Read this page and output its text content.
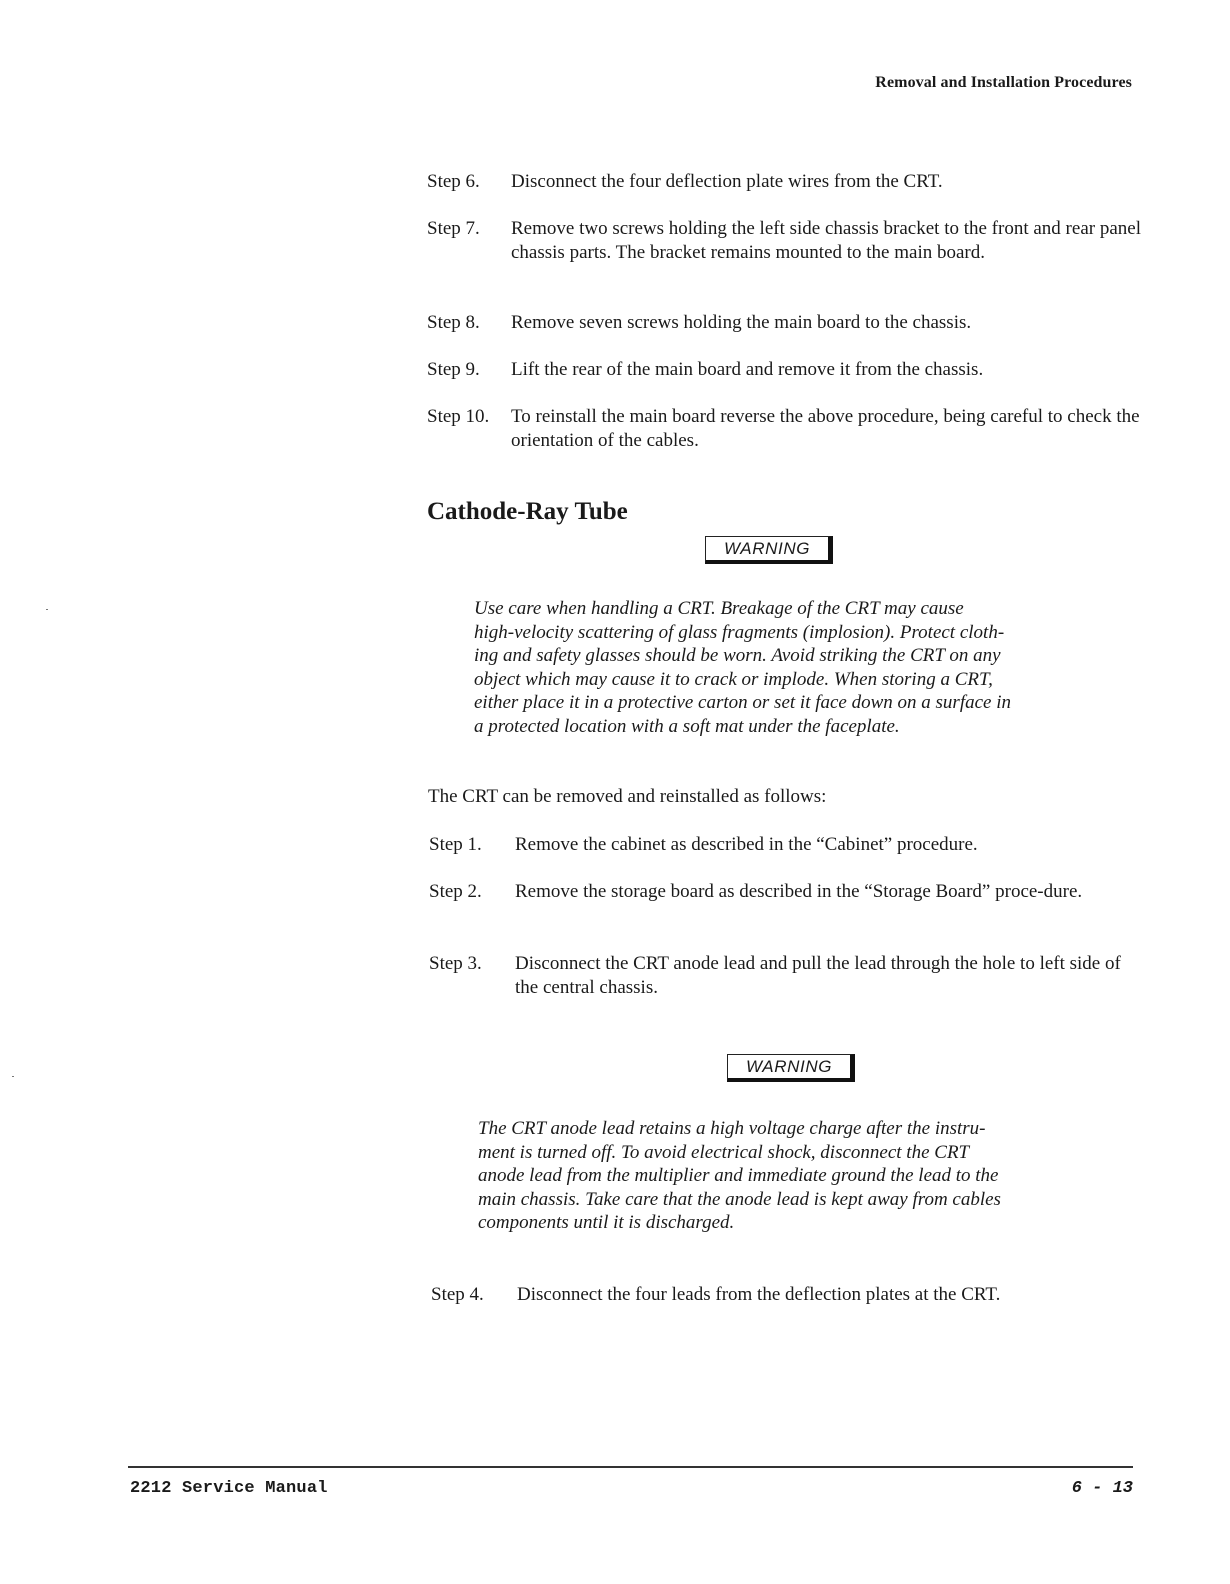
Removal and Installation Procedures
Step 6.	Disconnect the four deflection plate wires from the CRT.
Step 7.	Remove two screws holding the left side chassis bracket to the front and rear panel chassis parts. The bracket remains mounted to the main board.
Step 8.	Remove seven screws holding the main board to the chassis.
Step 9.	Lift the rear of the main board and remove it from the chassis.
Step 10.	To reinstall the main board reverse the above procedure, being careful to check the orientation of the cables.
Cathode-Ray Tube
WARNING
Use care when handling a CRT. Breakage of the CRT may cause
high-velocity scattering of glass fragments (implosion). Protect cloth-
ing and safety glasses should be worn. Avoid striking the CRT on any
object which may cause it to crack or implode. When storing a CRT,
either place it in a protective carton or set it face down on a surface in
a protected location with a soft mat under the faceplate.
The CRT can be removed and reinstalled as follows:
Step 1.	Remove the cabinet as described in the “Cabinet” procedure.
Step 2.	Remove the storage board as described in the “Storage Board” proce-dure.
Step 3.	Disconnect the CRT anode lead and pull the lead through the hole to left side of the central chassis.
WARNING
The CRT anode lead retains a high voltage charge after the instru-
ment is turned off. To avoid electrical shock, disconnect the CRT
anode lead from the multiplier and immediate ground the lead to the
main chassis. Take care that the anode lead is kept away from cables
components until it is discharged.
Step 4.	Disconnect the four leads from the deflection plates at the CRT.
2212 Service Manual	6 - 13
